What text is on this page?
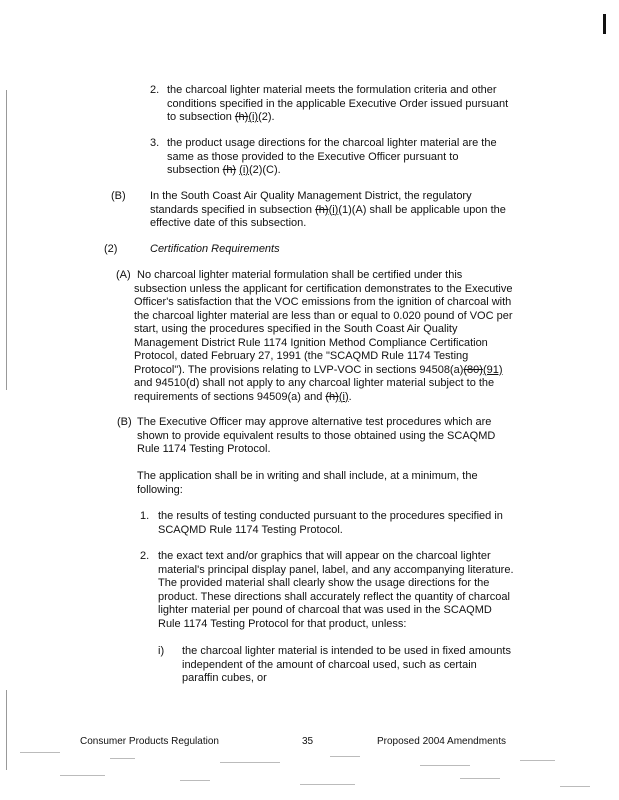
2. the charcoal lighter material meets the formulation criteria and other

conditions specified in the applicable Executive Order issued pursuant

to subsection (h)(i)(2).

3. the product usage directions for the charcoal lighter material are the

same as those provided to the Executive Officer pursuant to

subsection (h) (i)(2)(C).

(B) In the South Coast Air Quality Management District, the regulatory

standards specified in subsection (h)(i)(1)(A) shall be applicable upon the

effective date of this subsection.

(2)	Certification Requirements

(A) No charcoal lighter material formulation shall be certified under this

subsection unless the applicant for certification demonstrates to the Executive

Officer's satisfaction that the VOC emissions from the ignition of charcoal with

the charcoal lighter material are less than or equal to 0.020 pound of VOC per

start, using the procedures specified in the South Coast Air Quality

Management District Rule 1174 Ignition Method Compliance Certification

Protocol, dated February 27, 1991 (the "SCAQMD Rule 1174 Testing

Protocol"). The provisions relating to LVP-VOC in sections 94508(a)(80)(91)

and 94510(d) shall not apply to any charcoal lighter material subject to the

requirements of sections 94509(a) and (h)(i).

(B) The Executive Officer may approve alternative test procedures which are

shown to provide equivalent results to those obtained using the SCAQMD

Rule 1174 Testing Protocol.

The application shall be in writing and shall include, at a minimum, the

following:

1. the results of testing conducted pursuant to the procedures specified in

SCAQMD Rule 1174 Testing Protocol.

2. the exact text and/or graphics that will appear on the charcoal lighter

material's principal display panel, label, and any accompanying literature.

The provided material shall clearly show the usage directions for the

product. These directions shall accurately reflect the quantity of charcoal

lighter material per pound of charcoal that was used in the SCAQMD

Rule 1174 Testing Protocol for that product, unless:

i) the charcoal lighter material is intended to be used in fixed amounts

independent of the amount of charcoal used, such as certain

paraffin cubes, or

Consumer Products Regulation	35	Proposed 2004 Amendments
